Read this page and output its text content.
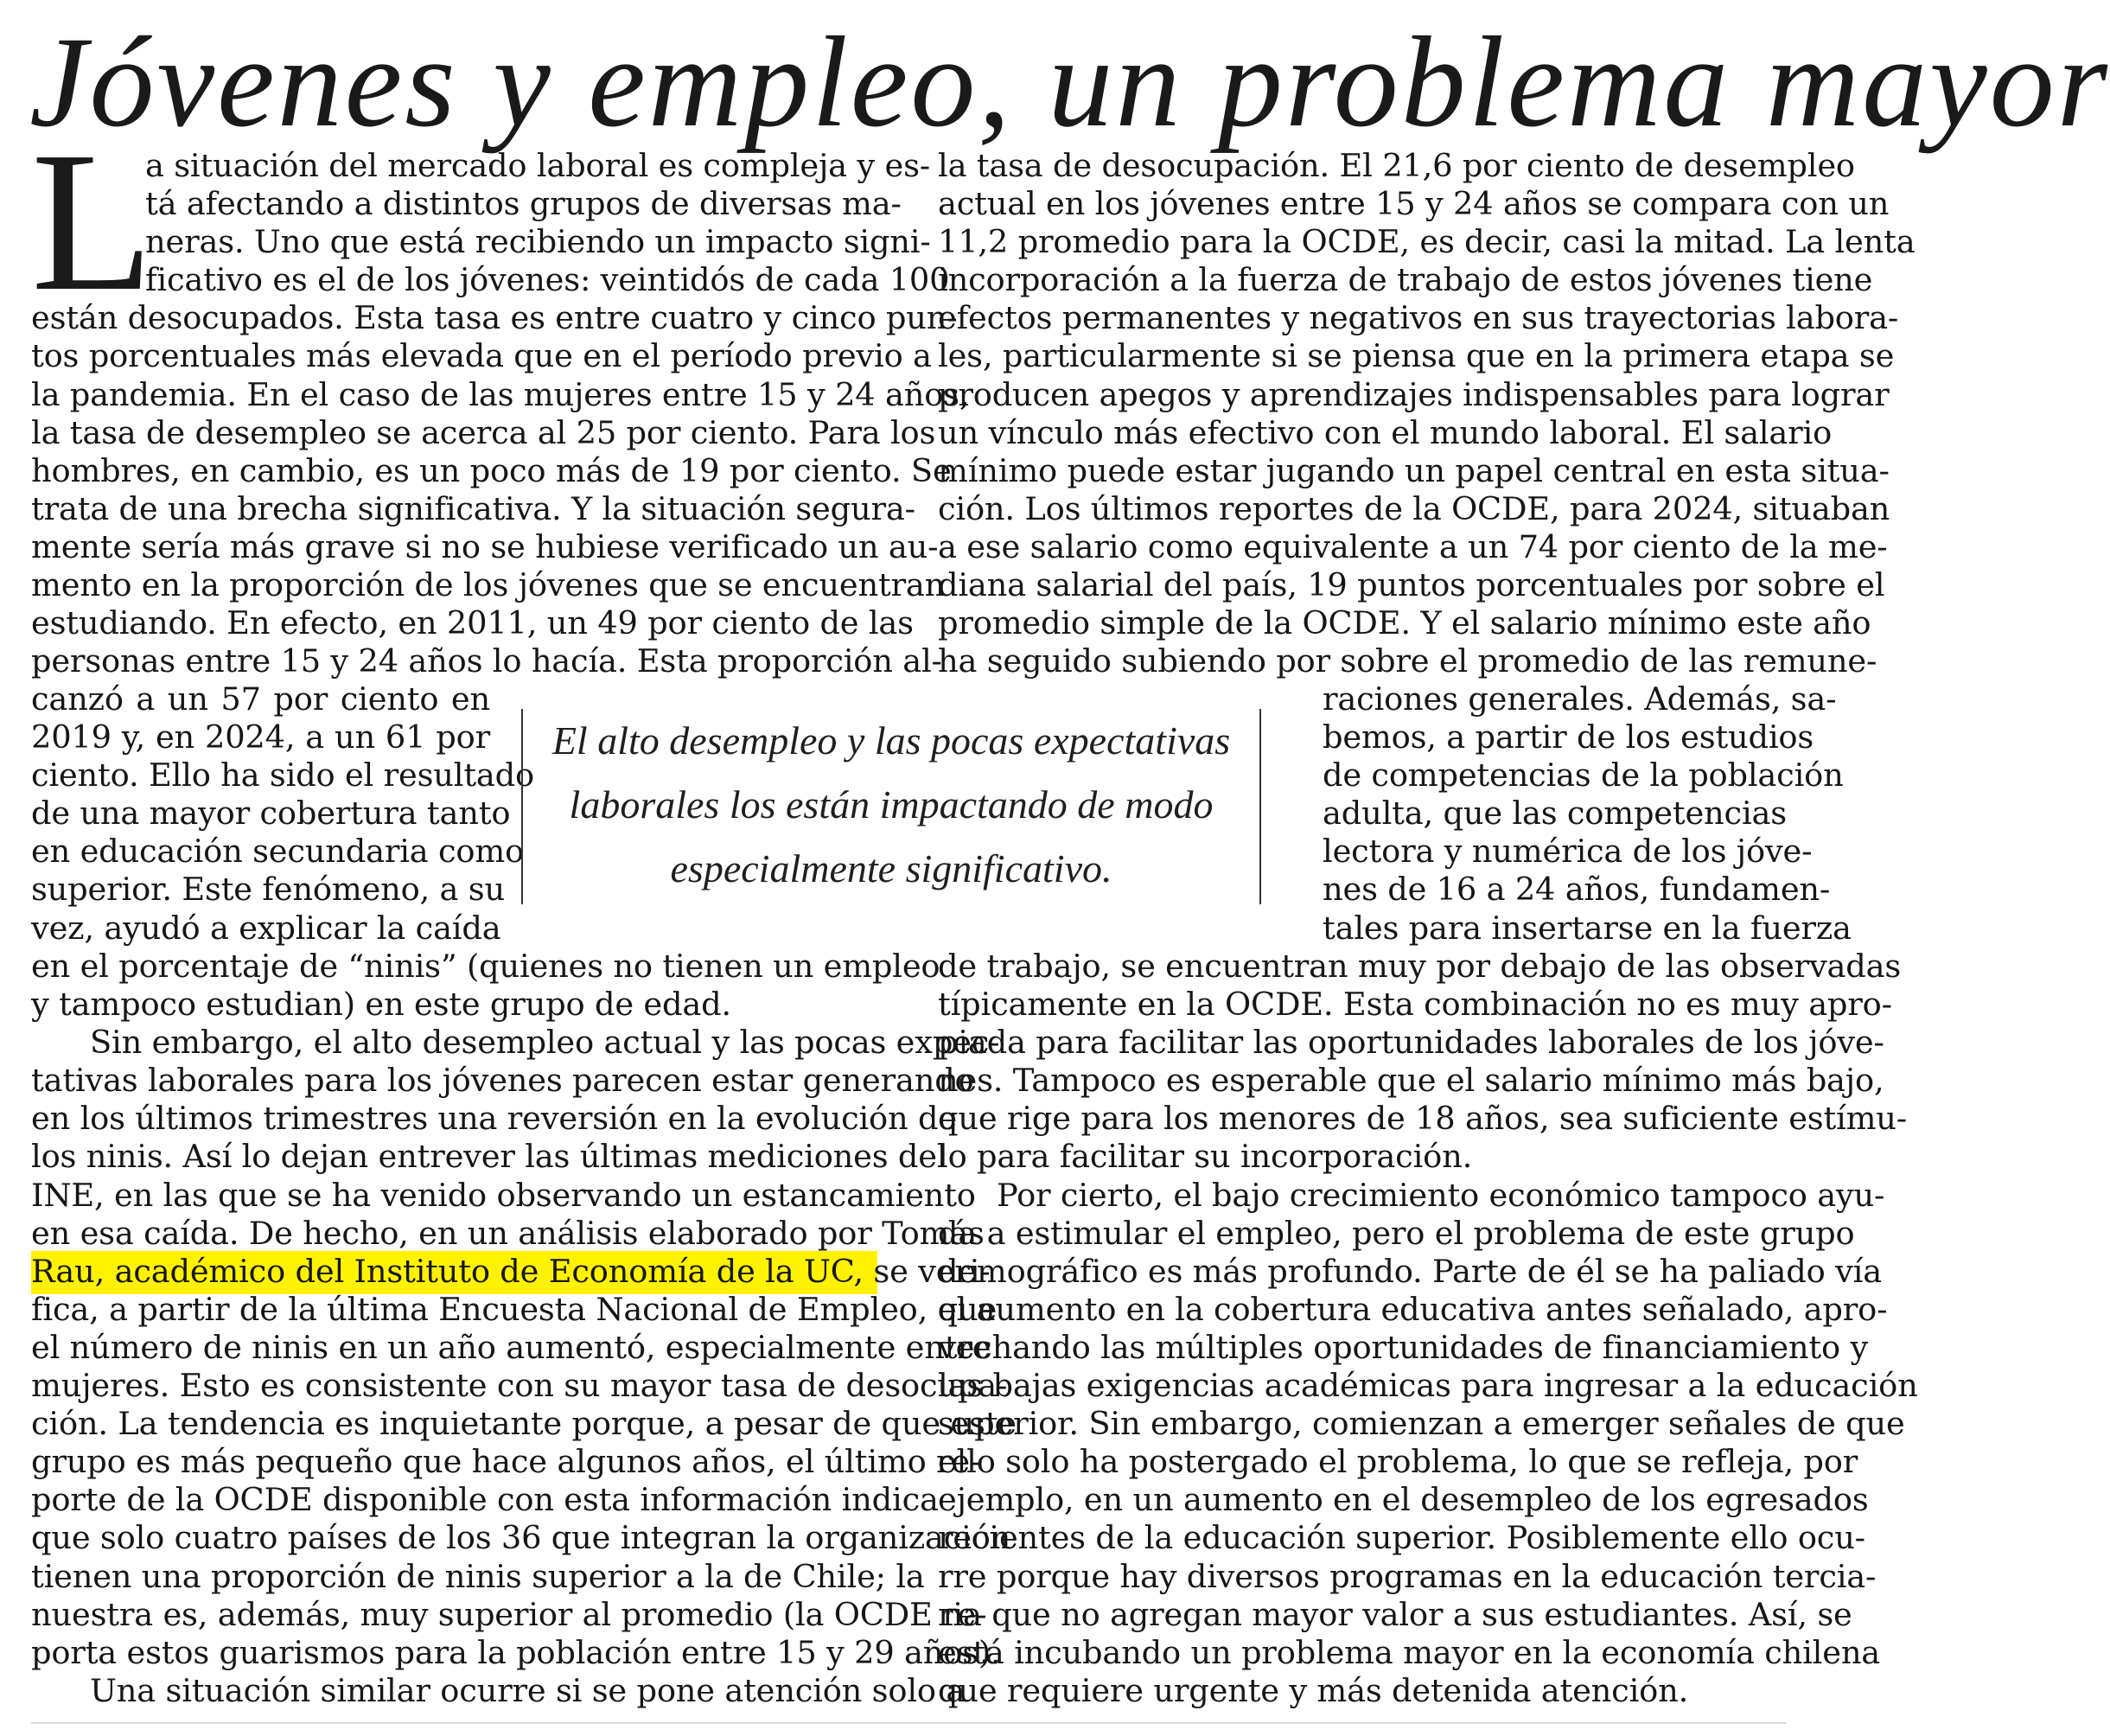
Jóvenes y empleo, un problema mayor
L
a situación del mercado laboral es compleja y es-
tá afectando a distintos grupos de diversas ma-
neras. Uno que está recibiendo un impacto signi-
ficativo es el de los jóvenes: veintidós de cada 100
están desocupados. Esta tasa es entre cuatro y cinco pun-
tos porcentuales más elevada que en el período previo a
la pandemia. En el caso de las mujeres entre 15 y 24 años,
la tasa de desempleo se acerca al 25 por ciento. Para los
hombres, en cambio, es un poco más de 19 por ciento. Se
trata de una brecha significativa. Y la situación segura-
mente sería más grave si no se hubiese verificado un au-
mento en la proporción de los jóvenes que se encuentran
estudiando. En efecto, en 2011, un 49 por ciento de las
personas entre 15 y 24 años lo hacía. Esta proporción al-
canzó a un 57 por ciento en
2019 y, en 2024, a un 61 por
ciento. Ello ha sido el resultado
de una mayor cobertura tanto
en educación secundaria como
superior. Este fenómeno, a su
vez, ayudó a explicar la caída
en el porcentaje de “ninis” (quienes no tienen un empleo
y tampoco estudian) en este grupo de edad.
Sin embargo, el alto desempleo actual y las pocas expec-
tativas laborales para los jóvenes parecen estar generando
en los últimos trimestres una reversión en la evolución de
los ninis. Así lo dejan entrever las últimas mediciones del
INE, en las que se ha venido observando un estancamiento
en esa caída. De hecho, en un análisis elaborado por Tomás
Rau, académico del Instituto de Economía de la UC, se veri-
fica, a partir de la última Encuesta Nacional de Empleo, que
el número de ninis en un año aumentó, especialmente entre
mujeres. Esto es consistente con su mayor tasa de desocupa-
ción. La tendencia es inquietante porque, a pesar de que este
grupo es más pequeño que hace algunos años, el último re-
porte de la OCDE disponible con esta información indica
que solo cuatro países de los 36 que integran la organización
tienen una proporción de ninis superior a la de Chile; la
nuestra es, además, muy superior al promedio (la OCDE re-
porta estos guarismos para la población entre 15 y 29 años).
Una situación similar ocurre si se pone atención solo a
la tasa de desocupación. El 21,6 por ciento de desempleo
actual en los jóvenes entre 15 y 24 años se compara con un
11,2 promedio para la OCDE, es decir, casi la mitad. La lenta
incorporación a la fuerza de trabajo de estos jóvenes tiene
efectos permanentes y negativos en sus trayectorias labora-
les, particularmente si se piensa que en la primera etapa se
producen apegos y aprendizajes indispensables para lograr
un vínculo más efectivo con el mundo laboral. El salario
mínimo puede estar jugando un papel central en esta situa-
ción. Los últimos reportes de la OCDE, para 2024, situaban
a ese salario como equivalente a un 74 por ciento de la me-
diana salarial del país, 19 puntos porcentuales por sobre el
promedio simple de la OCDE. Y el salario mínimo este año
ha seguido subiendo por sobre el promedio de las remune-
raciones generales. Además, sa-
bemos, a partir de los estudios
de competencias de la población
adulta, que las competencias
lectora y numérica de los jóve-
nes de 16 a 24 años, fundamen-
tales para insertarse en la fuerza
de trabajo, se encuentran muy por debajo de las observadas
típicamente en la OCDE. Esta combinación no es muy apro-
piada para facilitar las oportunidades laborales de los jóve-
nes. Tampoco es esperable que el salario mínimo más bajo,
que rige para los menores de 18 años, sea suficiente estímu-
lo para facilitar su incorporación.
Por cierto, el bajo crecimiento económico tampoco ayu-
da a estimular el empleo, pero el problema de este grupo
demográfico es más profundo. Parte de él se ha paliado vía
el aumento en la cobertura educativa antes señalado, apro-
vechando las múltiples oportunidades de financiamiento y
las bajas exigencias académicas para ingresar a la educación
superior. Sin embargo, comienzan a emerger señales de que
ello solo ha postergado el problema, lo que se refleja, por
ejemplo, en un aumento en el desempleo de los egresados
recientes de la educación superior. Posiblemente ello ocu-
rre porque hay diversos programas en la educación tercia-
ria que no agregan mayor valor a sus estudiantes. Así, se
está incubando un problema mayor en la economía chilena
que requiere urgente y más detenida atención.
El alto desempleo y las pocas expectativas
laborales los están impactando de modo
especialmente significativo.
